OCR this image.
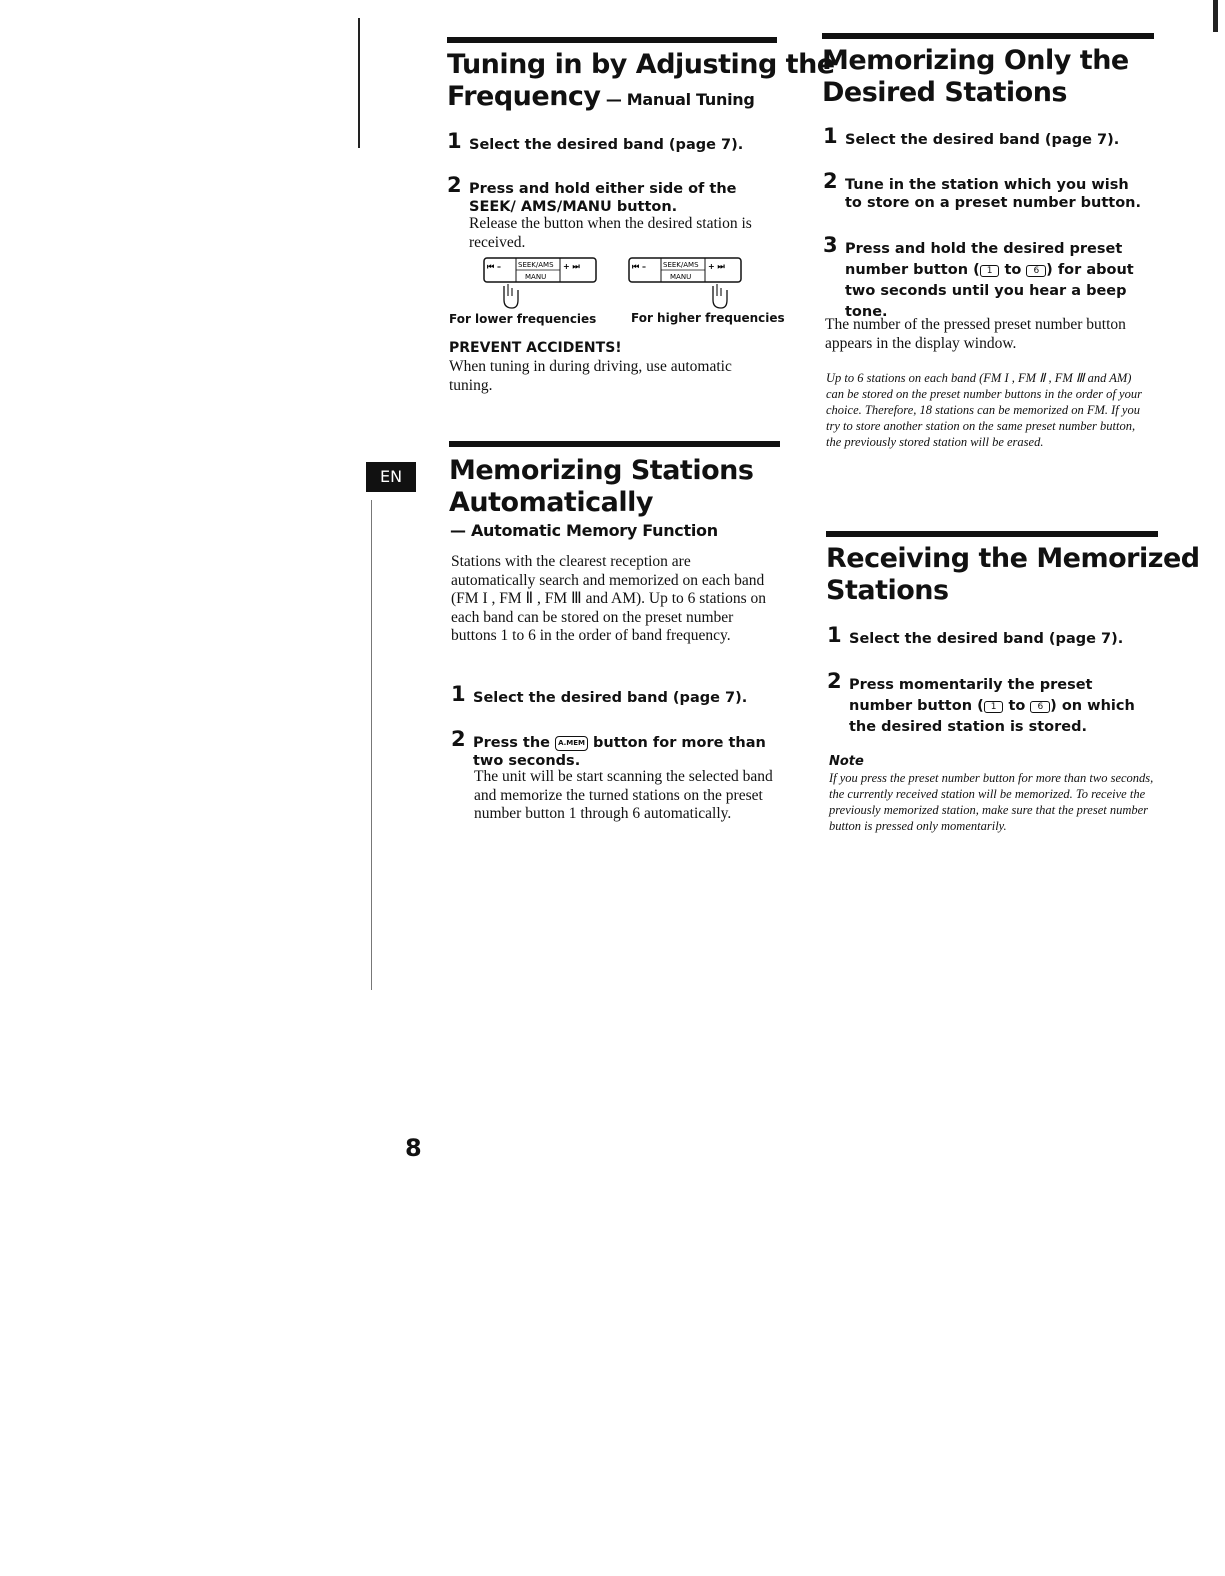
EN
Tuning in by Adjusting the
Frequency — Manual Tuning
1 Select the desired band (page 7).
2 Press and hold either side of the SEEK/ AMS/MANU button.
Release the button when the desired station is received.
⏮ – SEEK/AMS
MANU
+ ⏭	⏮ – SEEK/AMS
MANU
+ ⏭
For lower frequencies	For higher frequencies
PREVENT ACCIDENTS!
When tuning in during driving, use automatic tuning.
Memorizing Stations
Automatically
— Automatic Memory Function
Stations with the clearest reception are automatically search and memorized on each band (FM I , FM Ⅱ , FM Ⅲ and AM). Up to 6 stations on each band can be stored on the preset number buttons 1 to 6 in the order of band frequency.
1 Select the desired band (page 7).
2 Press the A.MEM button for more than two seconds.
The unit will be start scanning the selected band and memorize the turned stations on the preset number button 1 through 6 automatically.
8
Memorizing Only the
Desired Stations
1 Select the desired band (page 7).
2 Tune in the station which you wish to store on a preset number button.
3 Press and hold the desired preset number button ( 1 to 6 ) for about two seconds until you hear a beep tone.
The number of the pressed preset number button appears in the display window.
Up to 6 stations on each band (FM I , FM Ⅱ , FM Ⅲ and AM) can be stored on the preset number buttons in the order of your choice. Therefore, 18 stations can be memorized on FM. If you try to store another station on the same preset number button, the previously stored station will be erased.
Receiving the Memorized
Stations
1 Select the desired band (page 7).
2 Press momentarily the preset number button ( 1 to 6 ) on which the desired station is stored.
Note
If you press the preset number button for more than two seconds, the currently received station will be memorized. To receive the previously memorized station, make sure that the preset number button is pressed only momentarily.
